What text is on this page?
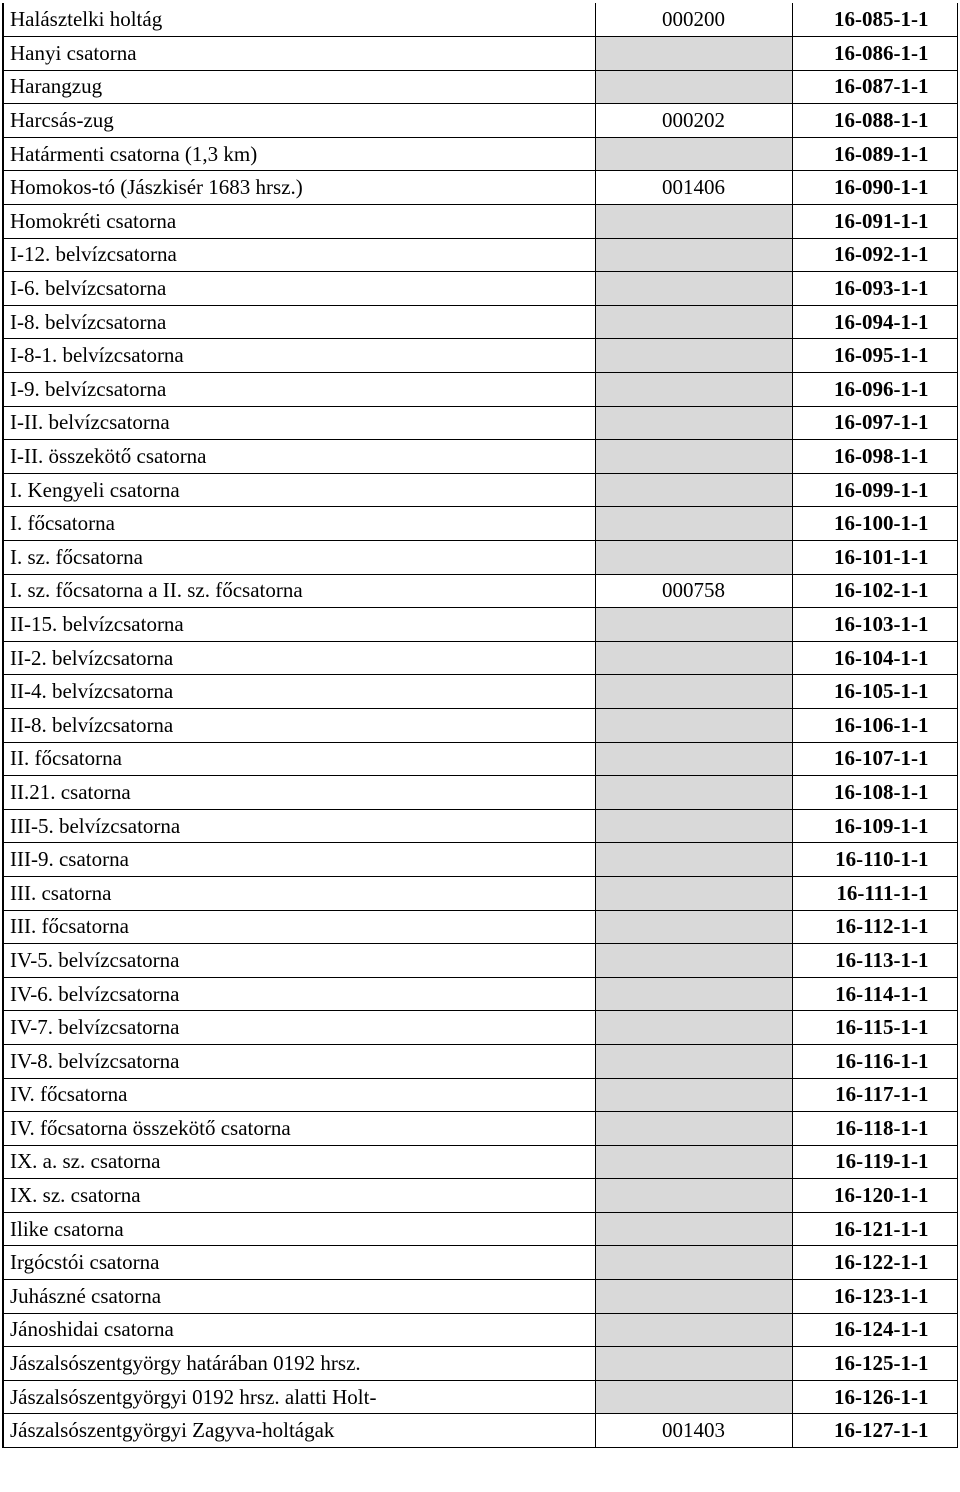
Halásztelki holtág	000200	16-085-1-1
Hanyi csatorna		16-086-1-1
Harangzug		16-087-1-1
Harcsás-zug	000202	16-088-1-1
Határmenti csatorna (1,3 km)		16-089-1-1
Homokos-tó (Jászkisér 1683 hrsz.)	001406	16-090-1-1
Homokréti csatorna		16-091-1-1
I-12. belvízcsatorna		16-092-1-1
I-6. belvízcsatorna		16-093-1-1
I-8. belvízcsatorna		16-094-1-1
I-8-1. belvízcsatorna		16-095-1-1
I-9. belvízcsatorna		16-096-1-1
I-II. belvízcsatorna		16-097-1-1
I-II. összekötő csatorna		16-098-1-1
I. Kengyeli csatorna		16-099-1-1
I. főcsatorna		16-100-1-1
I. sz. főcsatorna		16-101-1-1
I. sz. főcsatorna a II. sz. főcsatorna	000758	16-102-1-1
II-15. belvízcsatorna		16-103-1-1
II-2. belvízcsatorna		16-104-1-1
II-4. belvízcsatorna		16-105-1-1
II-8. belvízcsatorna		16-106-1-1
II. főcsatorna		16-107-1-1
II.21. csatorna		16-108-1-1
III-5. belvízcsatorna		16-109-1-1
III-9. csatorna		16-110-1-1
III. csatorna		16-111-1-1
III. főcsatorna		16-112-1-1
IV-5. belvízcsatorna		16-113-1-1
IV-6. belvízcsatorna		16-114-1-1
IV-7. belvízcsatorna		16-115-1-1
IV-8. belvízcsatorna		16-116-1-1
IV. főcsatorna		16-117-1-1
IV. főcsatorna összekötő csatorna		16-118-1-1
IX. a. sz. csatorna		16-119-1-1
IX. sz. csatorna		16-120-1-1
Ilike csatorna		16-121-1-1
Irgócstói csatorna		16-122-1-1
Juhászné csatorna		16-123-1-1
Jánoshidai csatorna		16-124-1-1
Jászalsószentgyörgy határában 0192 hrsz.		16-125-1-1
Jászalsószentgyörgyi 0192 hrsz. alatti Holt-		16-126-1-1
Jászalsószentgyörgyi Zagyva-holtágak	001403	16-127-1-1
